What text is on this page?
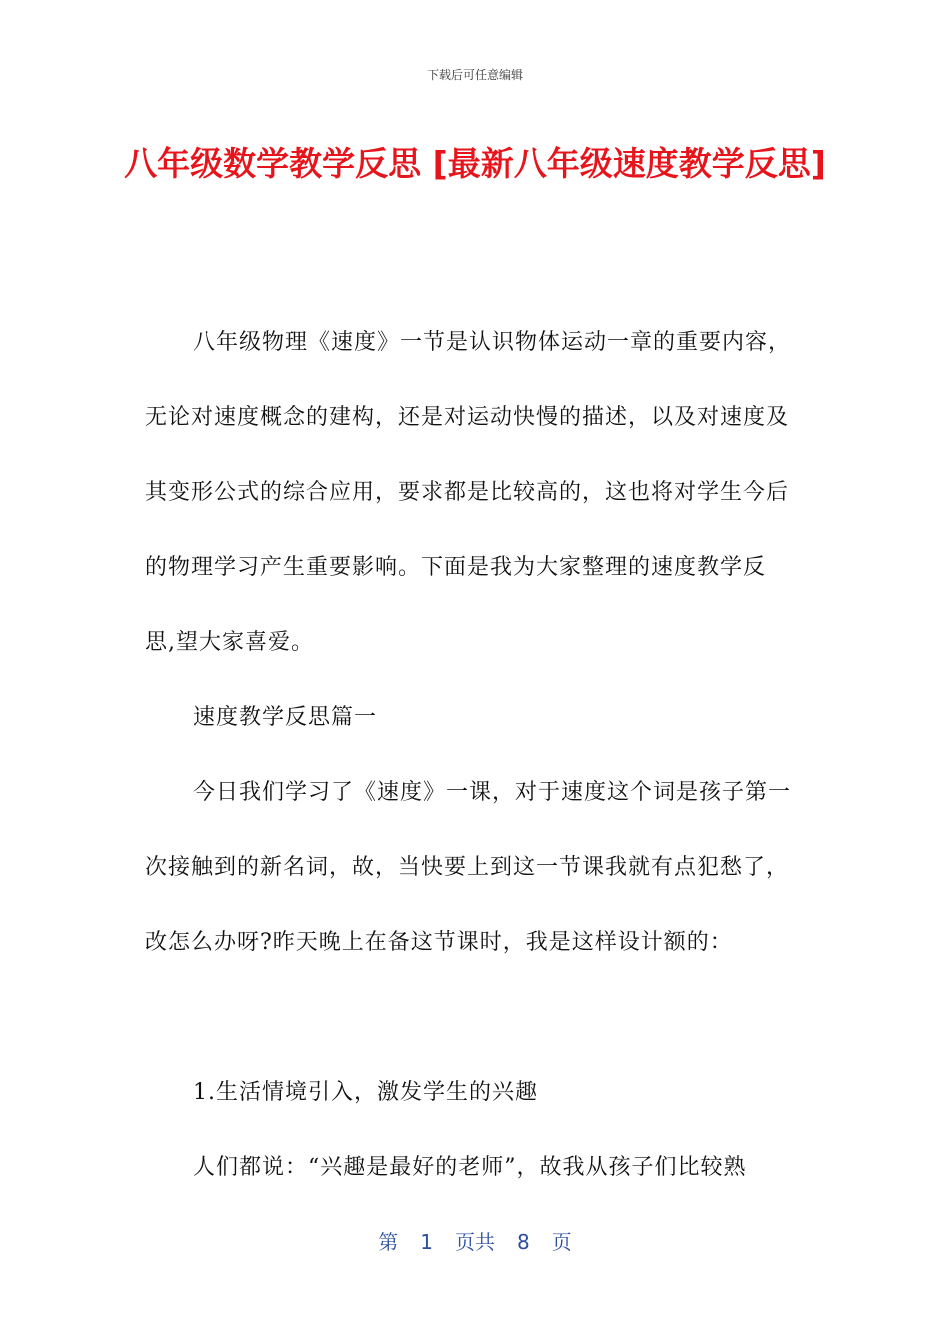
下载后可任意编辑
八年级数学教学反思 [最新八年级速度教学反思]

八年级物理《速度》一节是认识物体运动一章的重要内容，无论对速度概念的建构，还是对运动快慢的描述，以及对速度及其变形公式的综合应用，要求都是比较高的，这也将对学生今后的物理学习产生重要影响。下面是我为大家整理的速度教学反思,望大家喜爱。

速度教学反思篇一

今日我们学习了《速度》一课，对于速度这个词是孩子第一次接触到的新名词，故，当快要上到这一节课我就有点犯愁了，改怎么办呀?昨天晚上在备这节课时，我是这样设计额的：

1.生活情境引入，激发学生的兴趣

人们都说：“兴趣是最好的老师”，故我从孩子们比较熟

第 1 页共 8 页
